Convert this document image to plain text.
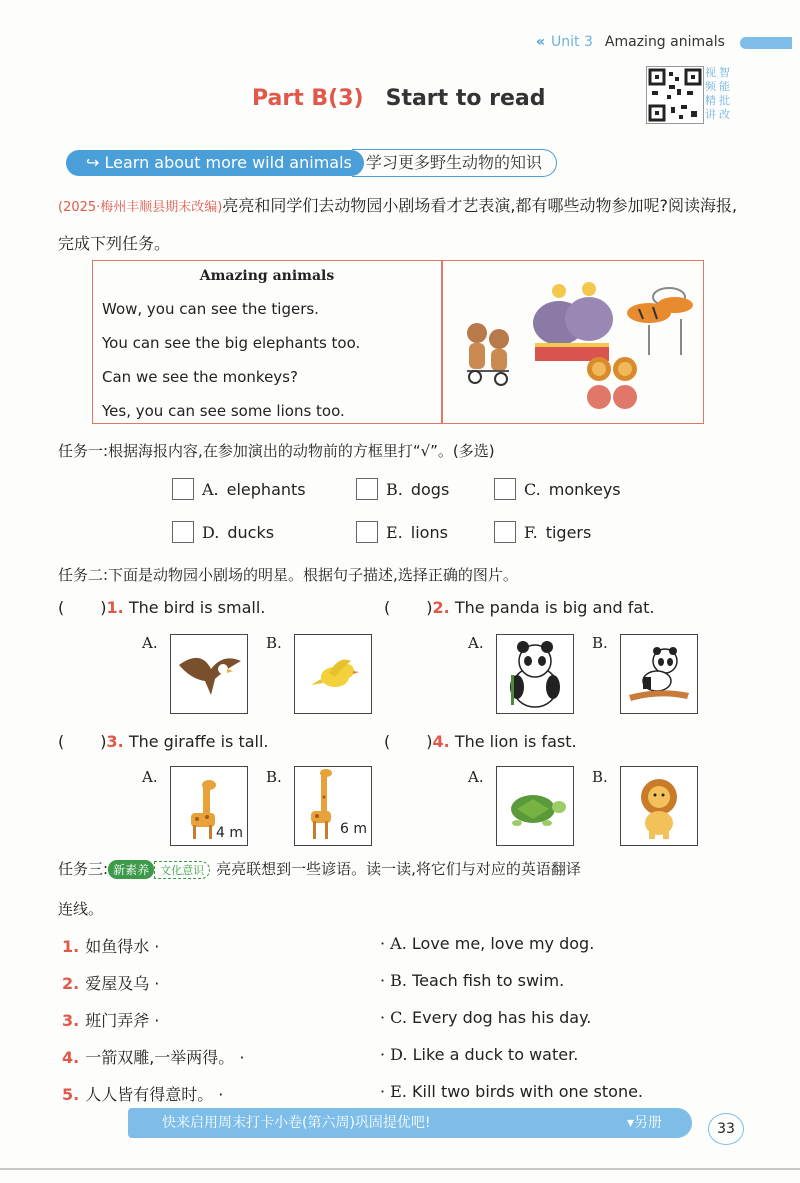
« Unit 3 Amazing animals
Part B(3) Start to read
视频精讲
智能批改
↪ Learn about more wild animals 学习更多野生动物的知识
(2025·梅州丰顺县期末改编)亮亮和同学们去动物园小剧场看才艺表演,都有哪些动物参加呢?阅读海报,完成下列任务。
Amazing animals
Wow, you can see the tigers.
You can see the big elephants too.
Can we see the monkeys?
Yes, you can see some lions too.
任务一:根据海报内容,在参加演出的动物前的方框里打“√”。(多选)
A. elephants	B. dogs	C. monkeys
D. ducks	E. lions	F. tigers
任务二:下面是动物园小剧场的明星。根据句子描述,选择正确的图片。
( )1. The bird is small.	( )2. The panda is big and fat.
A.	B.	A.	B.
( )3. The giraffe is tall.	( )4. The lion is fast.
A.
4 m
B.
6 m
A.	B.
任务三: 新素养 文化意识 亮亮联想到一些谚语。读一读,将它们与对应的英语翻译
连线。
1. 如鱼得水 ·
2. 爱屋及乌 ·
3. 班门弄斧 ·
4. 一箭双雕,一举两得。 ·
5. 人人皆有得意时。 ·
· A. Love me, love my dog.
· B. Teach fish to swim.
· C. Every dog has his day.
· D. Like a duck to water.
· E. Kill two birds with one stone.
快来启用周末打卡小卷(第六周)巩固提优吧!	▾另册	33
